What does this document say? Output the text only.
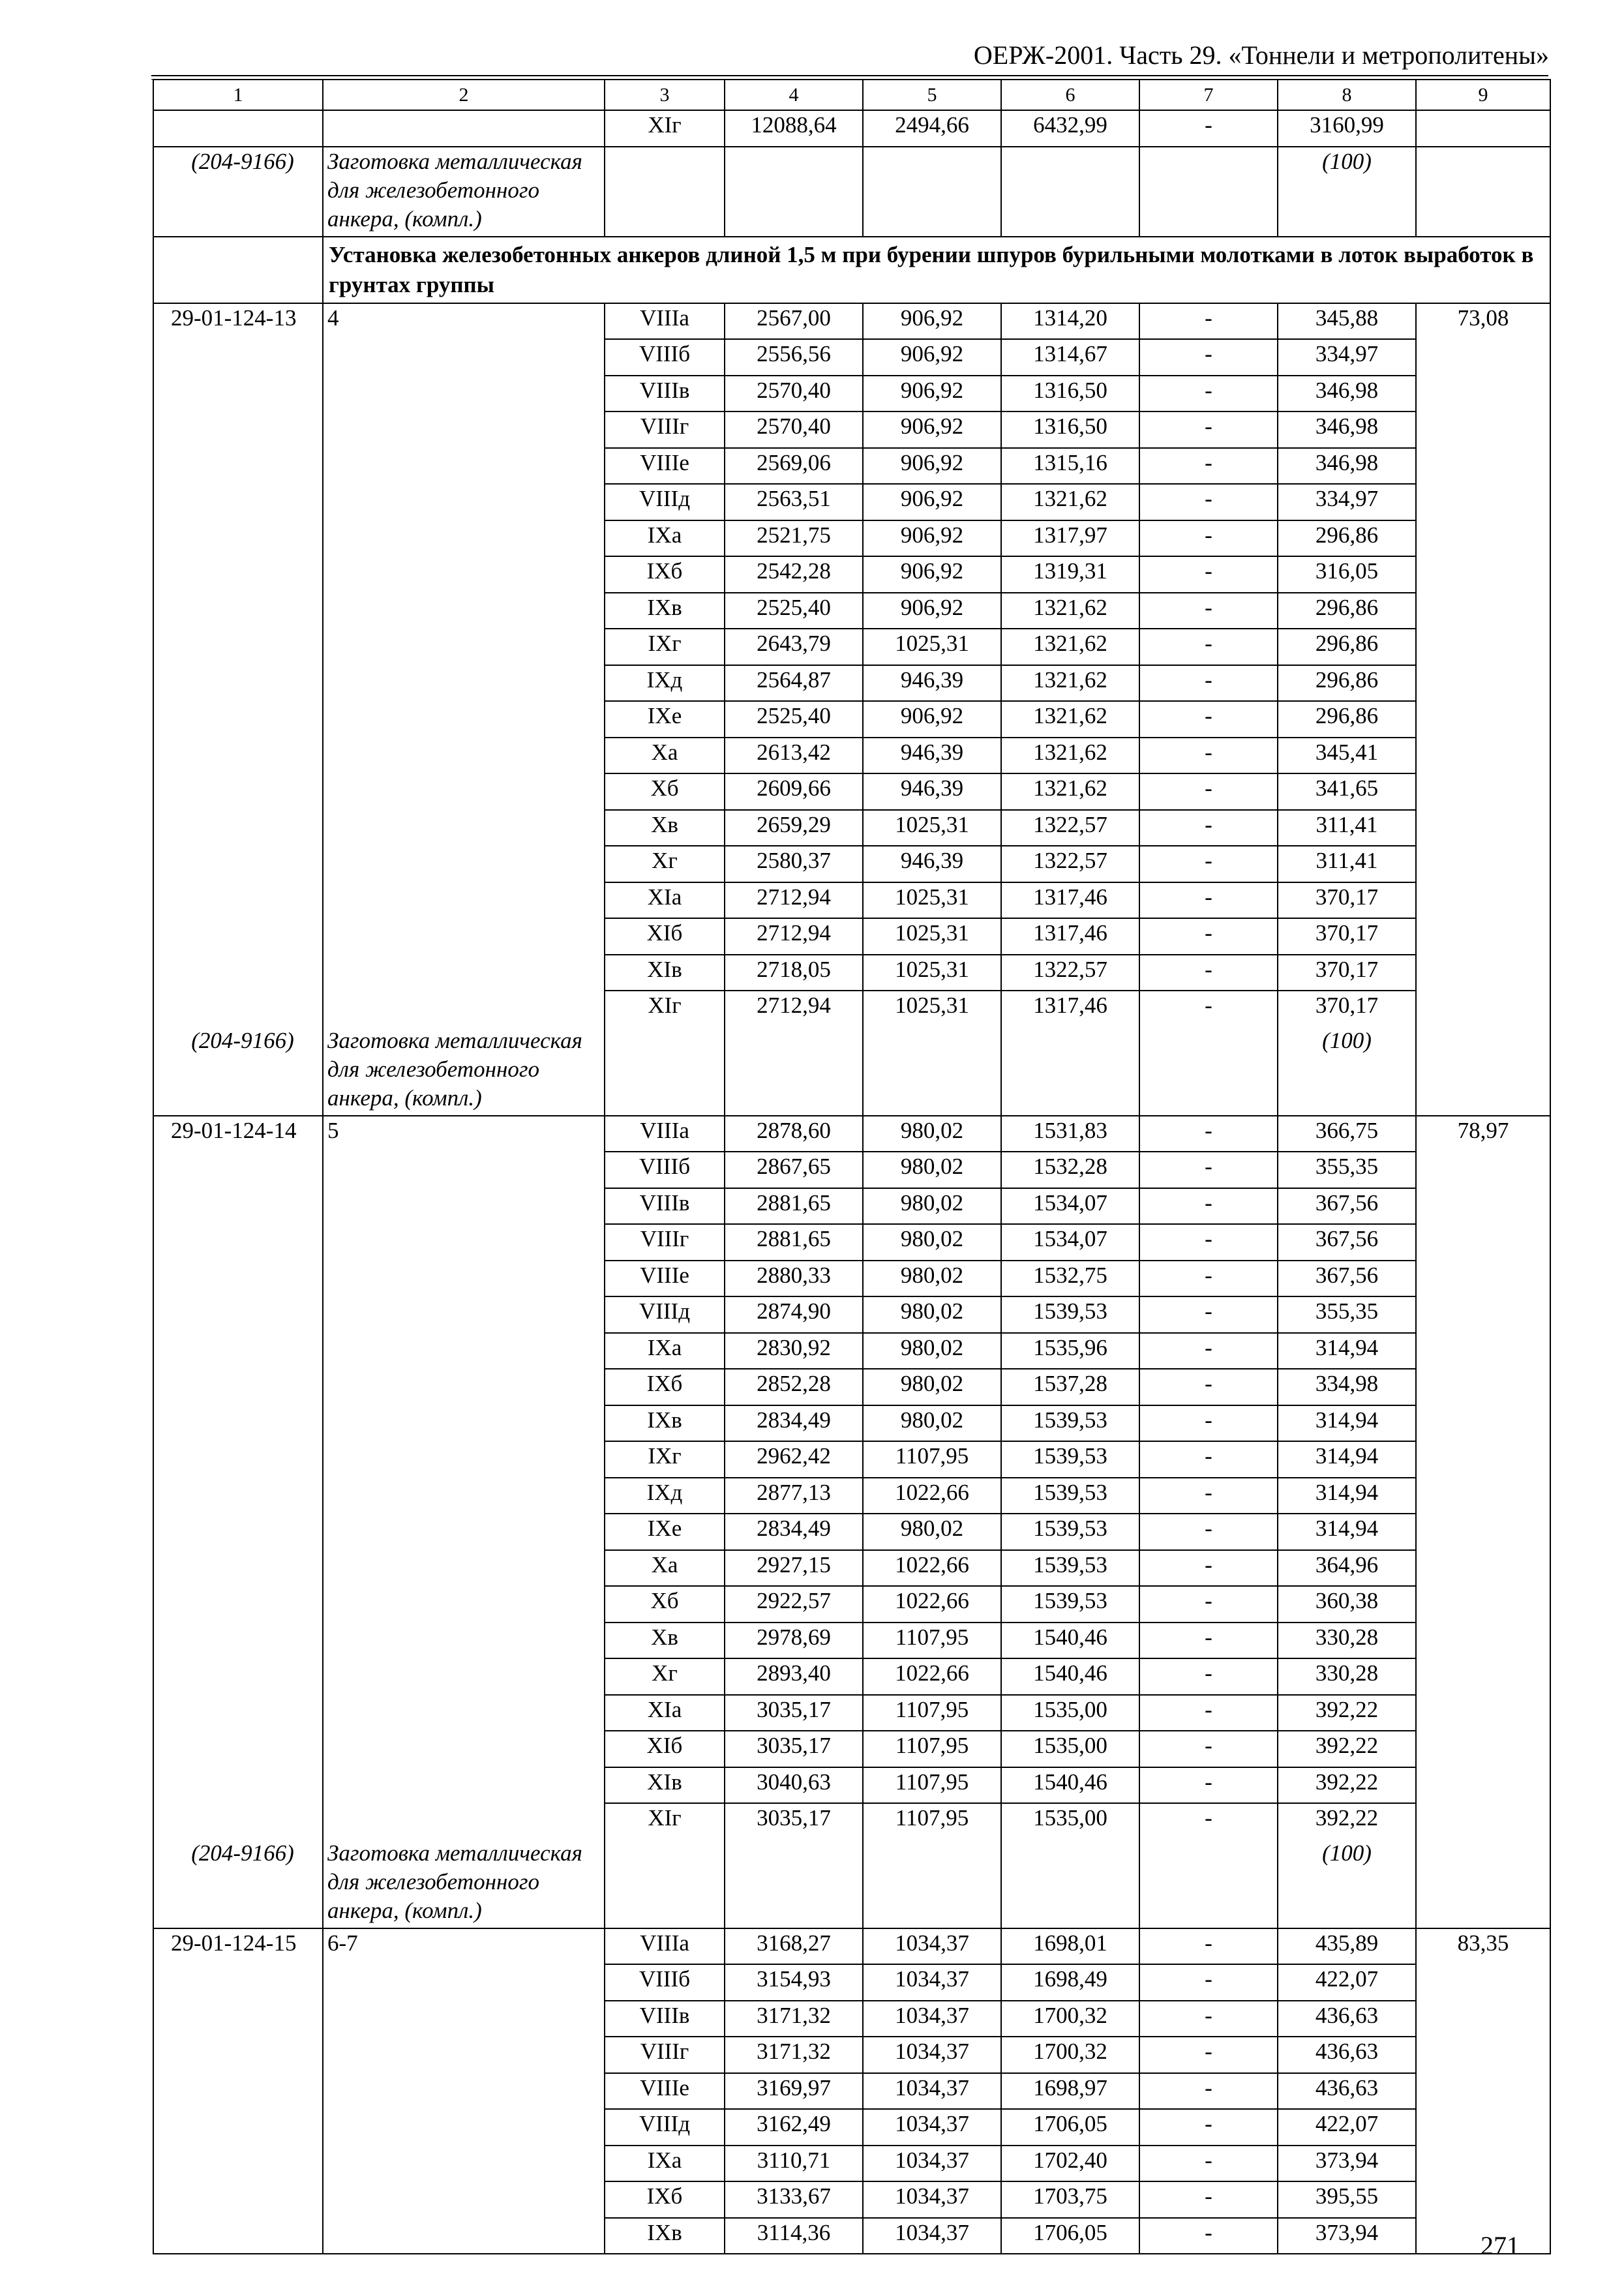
ОЕРЖ-2001. Часть 29. «Тоннели и метрополитены»
1	2	3	4	5	6	7	8	9
		XIг	12088,64	2494,66	6432,99	-	3160,99	
(204-9166)	Заготовка металлическая для железобетонного анкера, (компл.)						(100)	
	Установка железобетонных анкеров длиной 1,5 м при бурении шпуров бурильными молотками в лоток выработок в грунтах группы							
29-01-124-13	4	VIIIа	2567,00	906,92	1314,20	-	345,88	73,08
		VIIIб	2556,56	906,92	1314,67	-	334,97	
		VIIIв	2570,40	906,92	1316,50	-	346,98	
		VIIIг	2570,40	906,92	1316,50	-	346,98	
		VIIIе	2569,06	906,92	1315,16	-	346,98	
		VIIIд	2563,51	906,92	1321,62	-	334,97	
		IXа	2521,75	906,92	1317,97	-	296,86	
		IXб	2542,28	906,92	1319,31	-	316,05	
		IXв	2525,40	906,92	1321,62	-	296,86	
		IXг	2643,79	1025,31	1321,62	-	296,86	
		IXд	2564,87	946,39	1321,62	-	296,86	
		IXе	2525,40	906,92	1321,62	-	296,86	
		Xа	2613,42	946,39	1321,62	-	345,41	
		Xб	2609,66	946,39	1321,62	-	341,65	
		Xв	2659,29	1025,31	1322,57	-	311,41	
		Xг	2580,37	946,39	1322,57	-	311,41	
		XIа	2712,94	1025,31	1317,46	-	370,17	
		XIб	2712,94	1025,31	1317,46	-	370,17	
		XIв	2718,05	1025,31	1322,57	-	370,17	
		XIг	2712,94	1025,31	1317,46	-	370,17	
(204-9166)	Заготовка металлическая для железобетонного анкера, (компл.)						(100)	
29-01-124-14	5	VIIIа	2878,60	980,02	1531,83	-	366,75	78,97
		VIIIб	2867,65	980,02	1532,28	-	355,35	
		VIIIв	2881,65	980,02	1534,07	-	367,56	
		VIIIг	2881,65	980,02	1534,07	-	367,56	
		VIIIе	2880,33	980,02	1532,75	-	367,56	
		VIIIд	2874,90	980,02	1539,53	-	355,35	
		IXа	2830,92	980,02	1535,96	-	314,94	
		IXб	2852,28	980,02	1537,28	-	334,98	
		IXв	2834,49	980,02	1539,53	-	314,94	
		IXг	2962,42	1107,95	1539,53	-	314,94	
		IXд	2877,13	1022,66	1539,53	-	314,94	
		IXе	2834,49	980,02	1539,53	-	314,94	
		Xа	2927,15	1022,66	1539,53	-	364,96	
		Xб	2922,57	1022,66	1539,53	-	360,38	
		Xв	2978,69	1107,95	1540,46	-	330,28	
		Xг	2893,40	1022,66	1540,46	-	330,28	
		XIа	3035,17	1107,95	1535,00	-	392,22	
		XIб	3035,17	1107,95	1535,00	-	392,22	
		XIв	3040,63	1107,95	1540,46	-	392,22	
		XIг	3035,17	1107,95	1535,00	-	392,22	
(204-9166)	Заготовка металлическая для железобетонного анкера, (компл.)						(100)	
29-01-124-15	6-7	VIIIа	3168,27	1034,37	1698,01	-	435,89	83,35
		VIIIб	3154,93	1034,37	1698,49	-	422,07	
		VIIIв	3171,32	1034,37	1700,32	-	436,63	
		VIIIг	3171,32	1034,37	1700,32	-	436,63	
		VIIIе	3169,97	1034,37	1698,97	-	436,63	
		VIIIд	3162,49	1034,37	1706,05	-	422,07	
		IXа	3110,71	1034,37	1702,40	-	373,94	
		IXб	3133,67	1034,37	1703,75	-	395,55	
		IXв	3114,36	1034,37	1706,05	-	373,94		271
